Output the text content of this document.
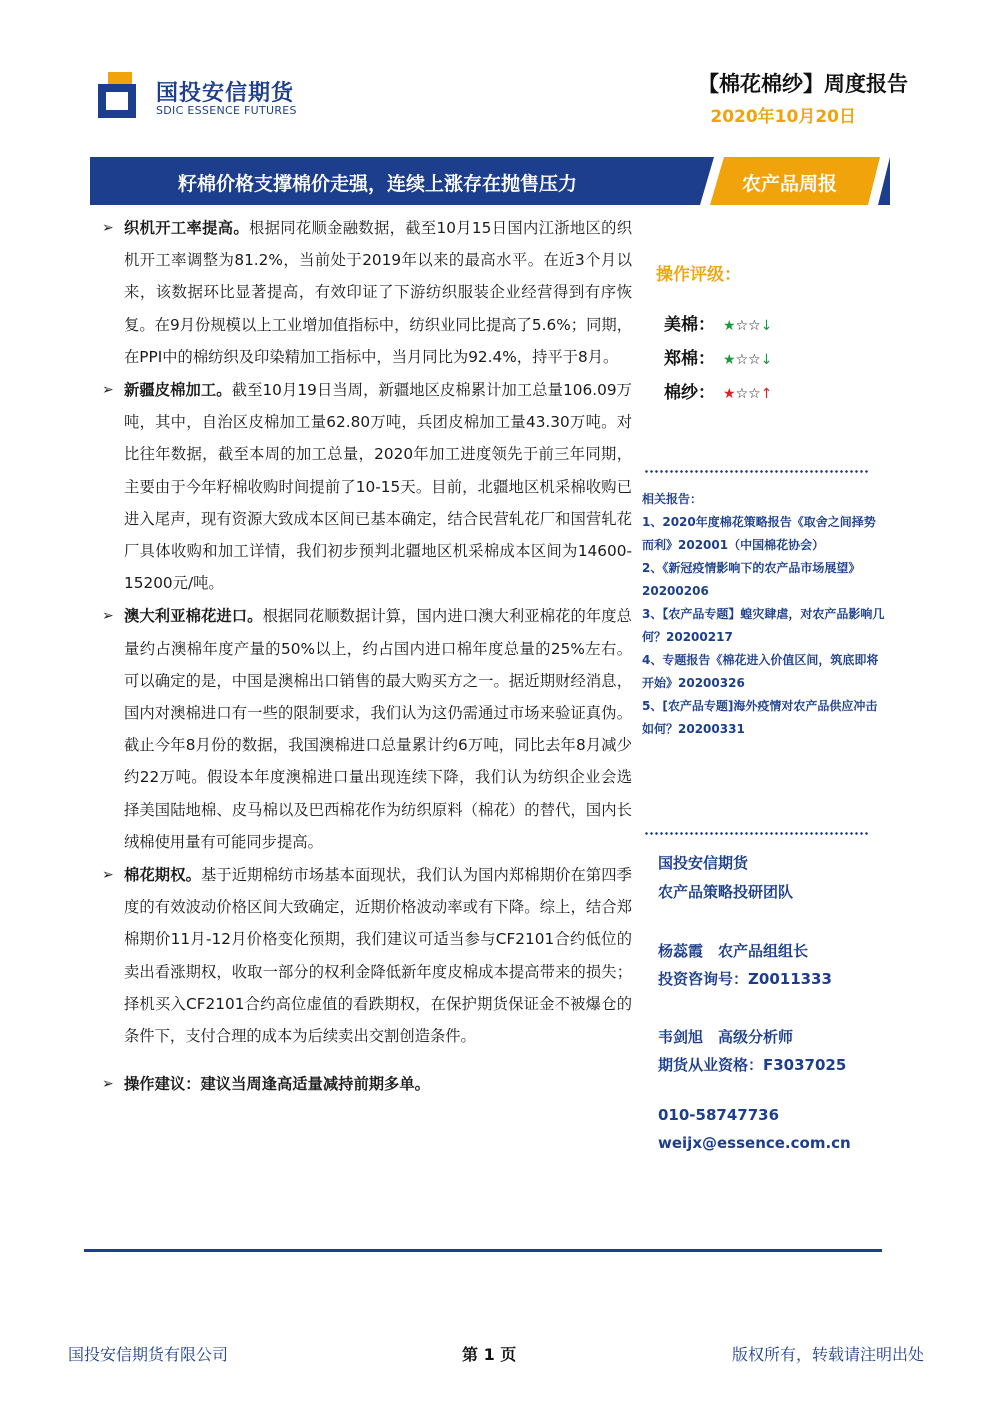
国投安信期货
SDIC ESSENCE FUTURES
【棉花棉纱】周度报告
2020年10月20日
籽棉价格支撑棉价走强，连续上涨存在抛售压力	农产品周报
➢ 织机开工率提高。根据同花顺金融数据，截至10月15日国内江浙地区的织机开工率调整为81.2%，当前处于2019年以来的最高水平。在近3个月以来，该数据环比显著提高，有效印证了下游纺织服装企业经营得到有序恢复。在9月份规模以上工业增加值指标中，纺织业同比提高了5.6%；同期，在PPI中的棉纺织及印染精加工指标中，当月同比为92.4%，持平于8月。
➢ 新疆皮棉加工。截至10月19日当周，新疆地区皮棉累计加工总量106.09万吨，其中，自治区皮棉加工量62.80万吨，兵团皮棉加工量43.30万吨。对比往年数据，截至本周的加工总量，2020年加工进度领先于前三年同期，主要由于今年籽棉收购时间提前了10-15天。目前，北疆地区机采棉收购已进入尾声，现有资源大致成本区间已基本确定，结合民营轧花厂和国营轧花厂具体收购和加工详情，我们初步预判北疆地区机采棉成本区间为14600-15200元/吨。
➢ 澳大利亚棉花进口。根据同花顺数据计算，国内进口澳大利亚棉花的年度总量约占澳棉年度产量的50%以上，约占国内进口棉年度总量的25%左右。可以确定的是，中国是澳棉出口销售的最大购买方之一。据近期财经消息，国内对澳棉进口有一些的限制要求，我们认为这仍需通过市场来验证真伪。截止今年8月份的数据，我国澳棉进口总量累计约6万吨，同比去年8月减少约22万吨。假设本年度澳棉进口量出现连续下降，我们认为纺织企业会选择美国陆地棉、皮马棉以及巴西棉花作为纺织原料（棉花）的替代，国内长绒棉使用量有可能同步提高。
➢ 棉花期权。基于近期棉纺市场基本面现状，我们认为国内郑棉期价在第四季度的有效波动价格区间大致确定，近期价格波动率或有下降。综上，结合郑棉期价11月-12月价格变化预期，我们建议可适当参与CF2101合约低位的卖出看涨期权，收取一部分的权利金降低新年度皮棉成本提高带来的损失；择机买入CF2101合约高位虚值的看跌期权，在保护期货保证金不被爆仓的条件下，支付合理的成本为后续卖出交割创造条件。
➢ 操作建议：建议当周逢高适量减持前期多单。
操作评级：
美棉： ★☆☆↓
郑棉： ★☆☆↓
棉纱： ★☆☆↑
相关报告：
1、2020年度棉花策略报告《取舍之间择势而利》202001（中国棉花协会）
2、《新冠疫情影响下的农产品市场展望》20200206
3、【农产品专题】蝗灾肆虐，对农产品影响几何？20200217
4、专题报告《棉花进入价值区间，筑底即将开始》20200326
5、[农产品专题]海外疫情对农产品供应冲击如何？20200331
国投安信期货
农产品策略投研团队
杨蕊霞　农产品组组长
投资咨询号：Z0011333
韦剑旭　高级分析师
期货从业资格：F3037025
010-58747736
weijx@essence.com.cn
国投安信期货有限公司	第 1 页	版权所有，转载请注明出处
